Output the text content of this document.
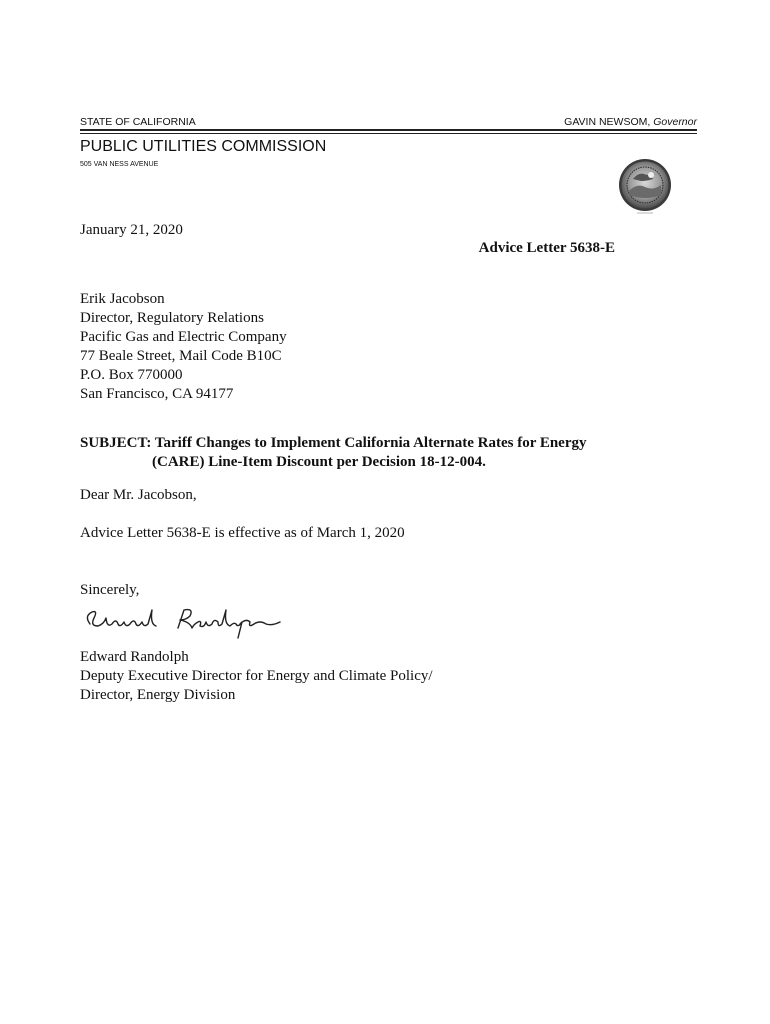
STATE OF CALIFORNIA	GAVIN NEWSOM, Governor
PUBLIC UTILITIES COMMISSION
505 VAN NESS AVENUE
January 21, 2020
Advice Letter 5638-E
Erik Jacobson
Director, Regulatory Relations
Pacific Gas and Electric Company
77 Beale Street, Mail Code B10C
P.O. Box 770000
San Francisco, CA 94177
SUBJECT: Tariff Changes to Implement California Alternate Rates for Energy
(CARE) Line-Item Discount per Decision 18-12-004.
Dear Mr. Jacobson,
Advice Letter 5638-E is effective as of March 1, 2020
Sincerely,
Edward Randolph
Deputy Executive Director for Energy and Climate Policy/
Director, Energy Division
